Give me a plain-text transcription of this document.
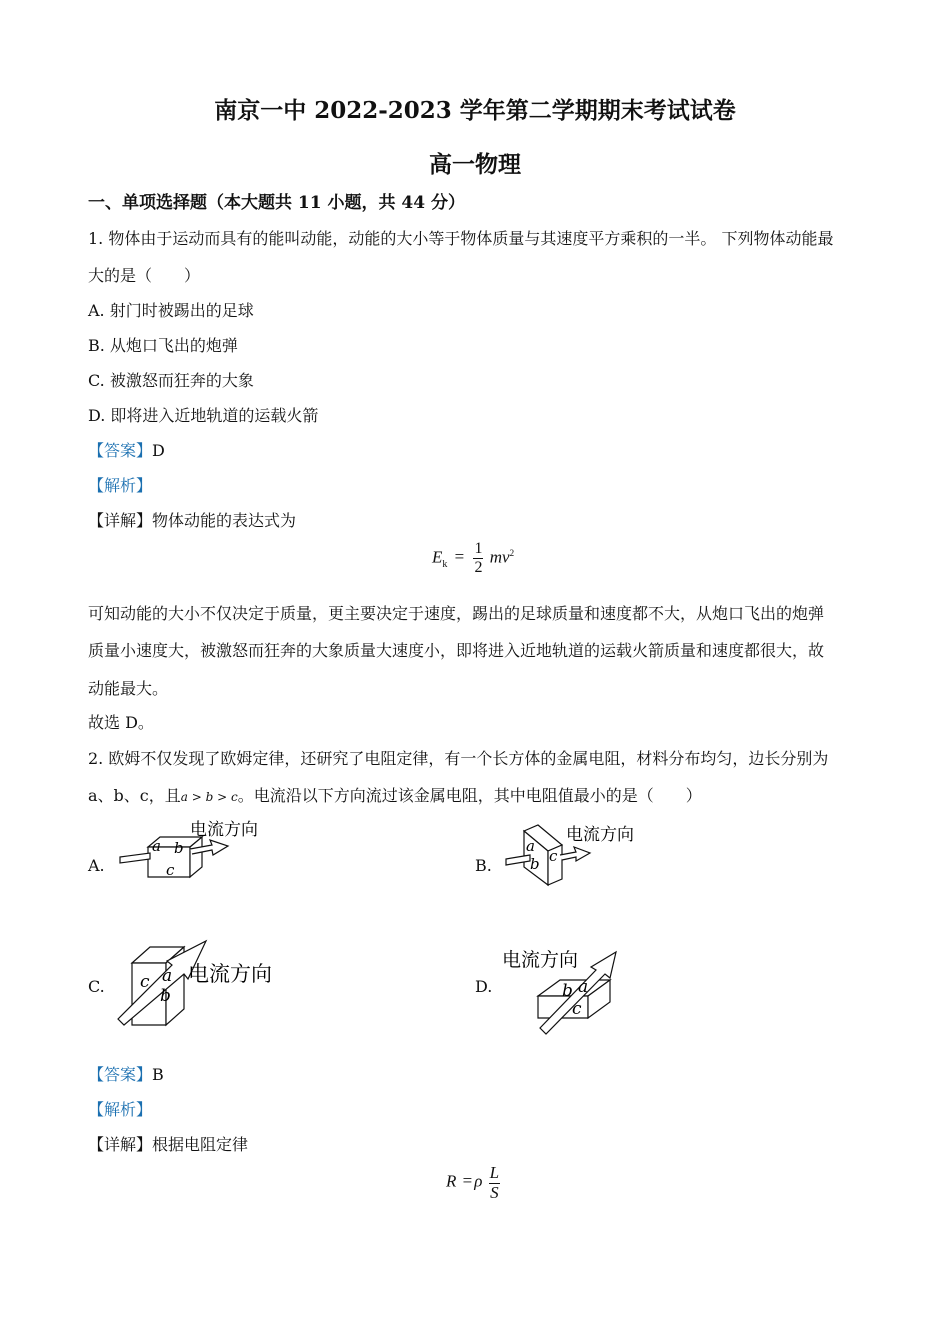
南京一中 2022-2023 学年第二学期期末考试试卷
高一物理
一、单项选择题（本大题共 11 小题，共 44 分）
1. 物体由于运动而具有的能叫动能，动能的大小等于物体质量与其速度平方乘积的一半。 下列物体动能最
大的是（　　）
A. 射门时被踢出的足球
B. 从炮口飞出的炮弹
C. 被激怒而狂奔的大象
D. 即将进入近地轨道的运载火箭
【答案】D
【解析】
【详解】物体动能的表达式为
$E_k = \frac{1}{2} mv^2$
可知动能的大小不仅决定于质量，更主要决定于速度，踢出的足球质量和速度都不大，从炮口飞出的炮弹
质量小速度大，被激怒而狂奔的大象质量大速度小，即将进入近地轨道的运载火箭质量和速度都很大，故
动能最大。
故选 D。
2. 欧姆不仅发现了欧姆定律，还研究了电阻定律，有一个长方体的金属电阻，材料分布均匀，边长分别为
a、b、c，且a > b > c。电流沿以下方向流过该金属电阻，其中电阻值最小的是（　　）
A.
a b
c
电流方向
B.
a
b c
电流方向
C. c a
b
电流方向
D.	b a
c
电流方向
【答案】B
【解析】
【详解】根据电阻定律
R = ρ $\frac{L}{S}$
